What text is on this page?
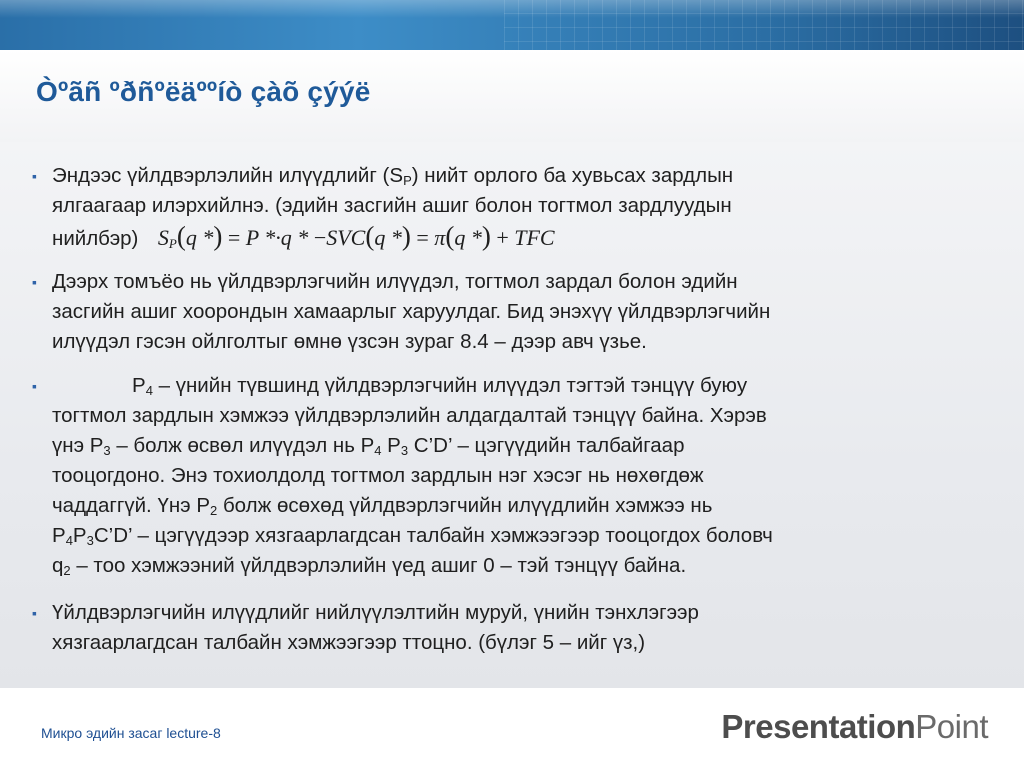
Òºãñ ºðñºëäººíò çàõ çýýë
▪ Эндээс үйлдвэрлэлийн илүүдлийг $(S_P)$ нийт орлого ба хувьсах зардлын
ялгаагаар илэрхийлнэ. (эдийн засгийн ашиг болон тогтмол зардлуудын
нийлбэр) $S_P(q$ *) = P *·q * −SVC(q *) = π(q *) + TFC
▪ Дээрх томъёо нь үйлдвэрлэгчийн илүүдэл, тогтмол зардал болон эдийн
засгийн ашиг хоорондын хамаарлыг харуулдаг. Бид энэхүү үйлдвэрлэгчийн
илүүдэл гэсэн ойлголтыг өмнө үзсэн зураг 8.4 – дээр авч үзье.
▪	$P_4$ – үнийн түвшинд үйлдвэрлэгчийн илүүдэл тэгтэй тэнцүү буюу
тогтмол зардлын хэмжээ үйлдвэрлэлийн алдагдалтай тэнцүү байна. Хэрэв
үнэ $P_3$ – болж өсвөл илүүдэл нь $P_4$ $P_3$ C’D’ – цэгүүдийн талбайгаар
тооцогдоно. Энэ тохиолдолд тогтмол зардлын нэг хэсэг нь нөхөгдөж
чаддаггүй. Үнэ $P_2$ болж өсөхөд үйлдвэрлэгчийн илүүдлийн хэмжээ нь
$P_4P_3C’D$’ – цэгүүдээр хязгаарлагдсан талбайн хэмжээгээр тооцогдох боловч
$q_2$ – тоо хэмжээний үйлдвэрлэлийн үед ашиг 0 – тэй тэнцүү байна.
▪ Үйлдвэрлэгчийн илүүдлийг нийлүүлэлтийн муруй, үнийн тэнхлэгээр
хязгаарлагдсан талбайн хэмжээгээр ттоцно. (бүлэг 5 – ийг үз,)
Микро эдийн засаг lecture-8	PresentationPoint
